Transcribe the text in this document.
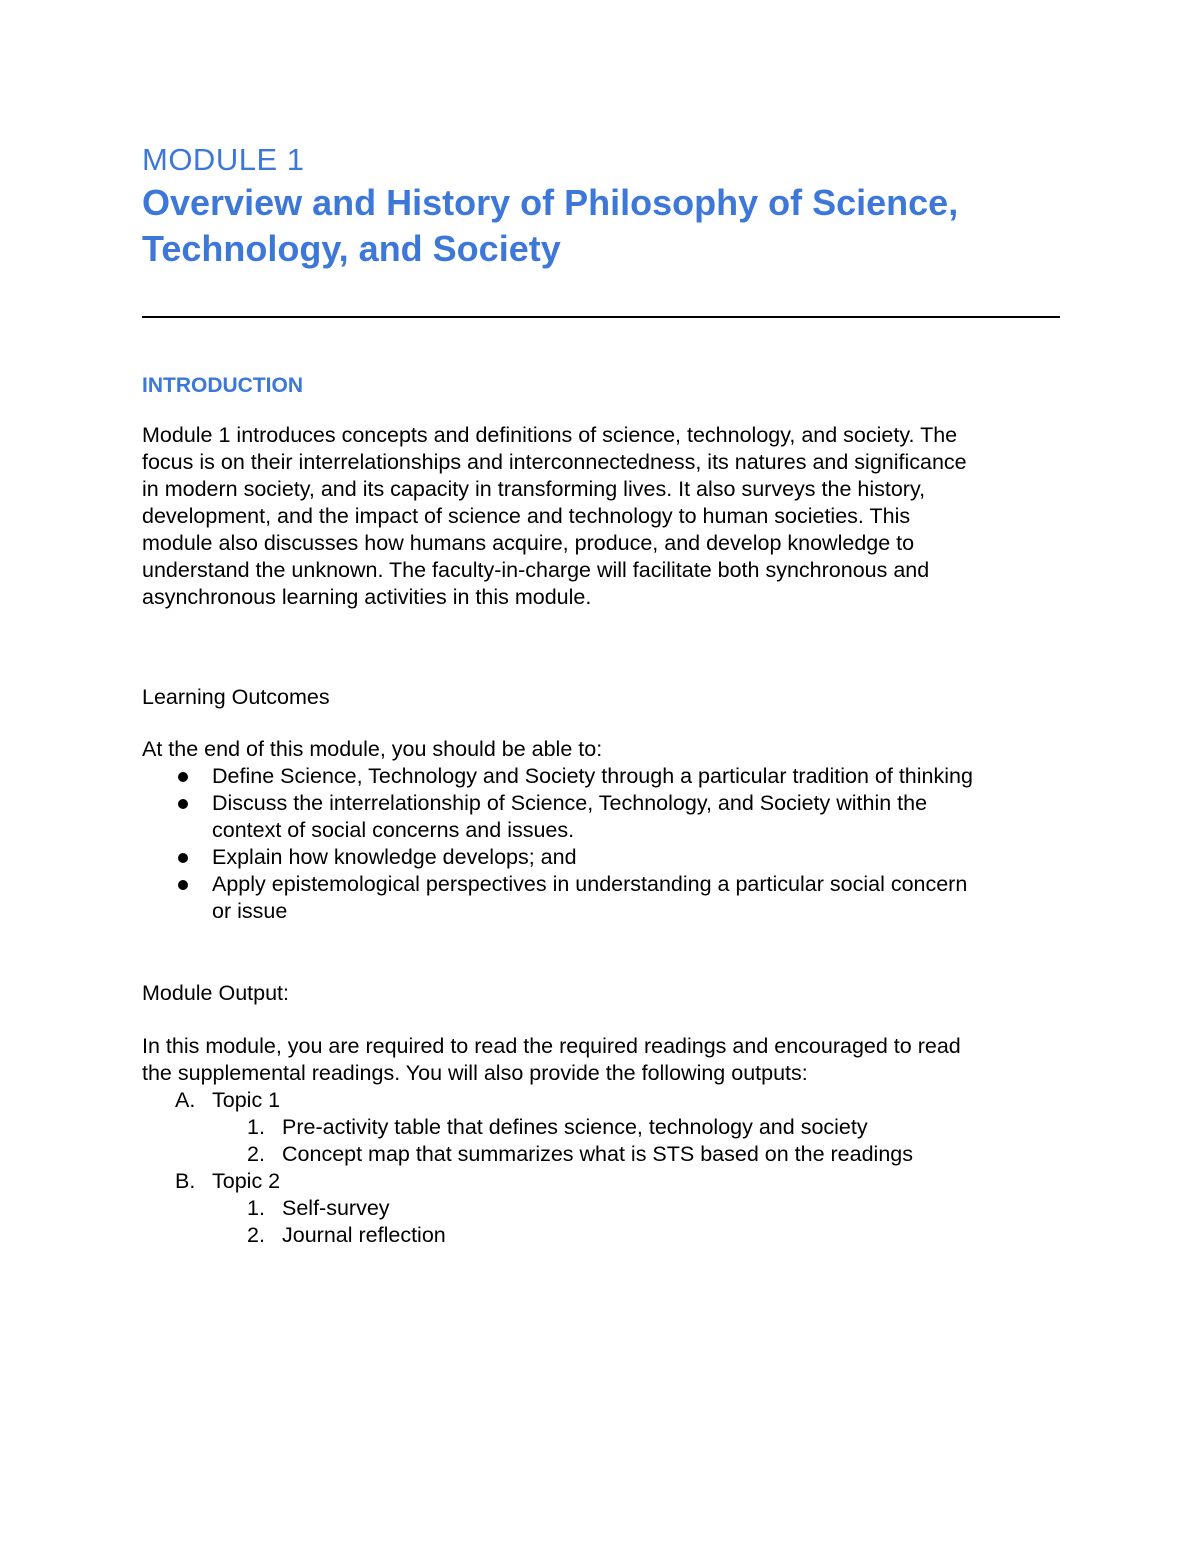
MODULE 1

Overview and History of Philosophy of Science,

Technology, and Society

INTRODUCTION

Module 1 introduces concepts and definitions of science, technology, and society. The

focus is on their interrelationships and interconnectedness, its natures and significance

in modern society, and its capacity in transforming lives. It also surveys the history,

development, and the impact of science and technology to human societies. This

module also discusses how humans acquire, produce, and develop knowledge to

understand the unknown. The faculty-in-charge will facilitate both synchronous and

asynchronous learning activities in this module.

Learning Outcomes

At the end of this module, you should be able to:

Define Science, Technology and Society through a particular tradition of thinking
Discuss the interrelationship of Science, Technology, and Society within the
context of social concerns and issues.
Explain how knowledge develops; and
Apply epistemological perspectives in understanding a particular social concern
or issue

Module Output:

In this module, you are required to read the required readings and encouraged to read

the supplemental readings. You will also provide the following outputs:

A. Topic 1
1. Pre-activity table that defines science, technology and society
2. Concept map that summarizes what is STS based on the readings
B. Topic 2
1. Self-survey
2. Journal reflection
